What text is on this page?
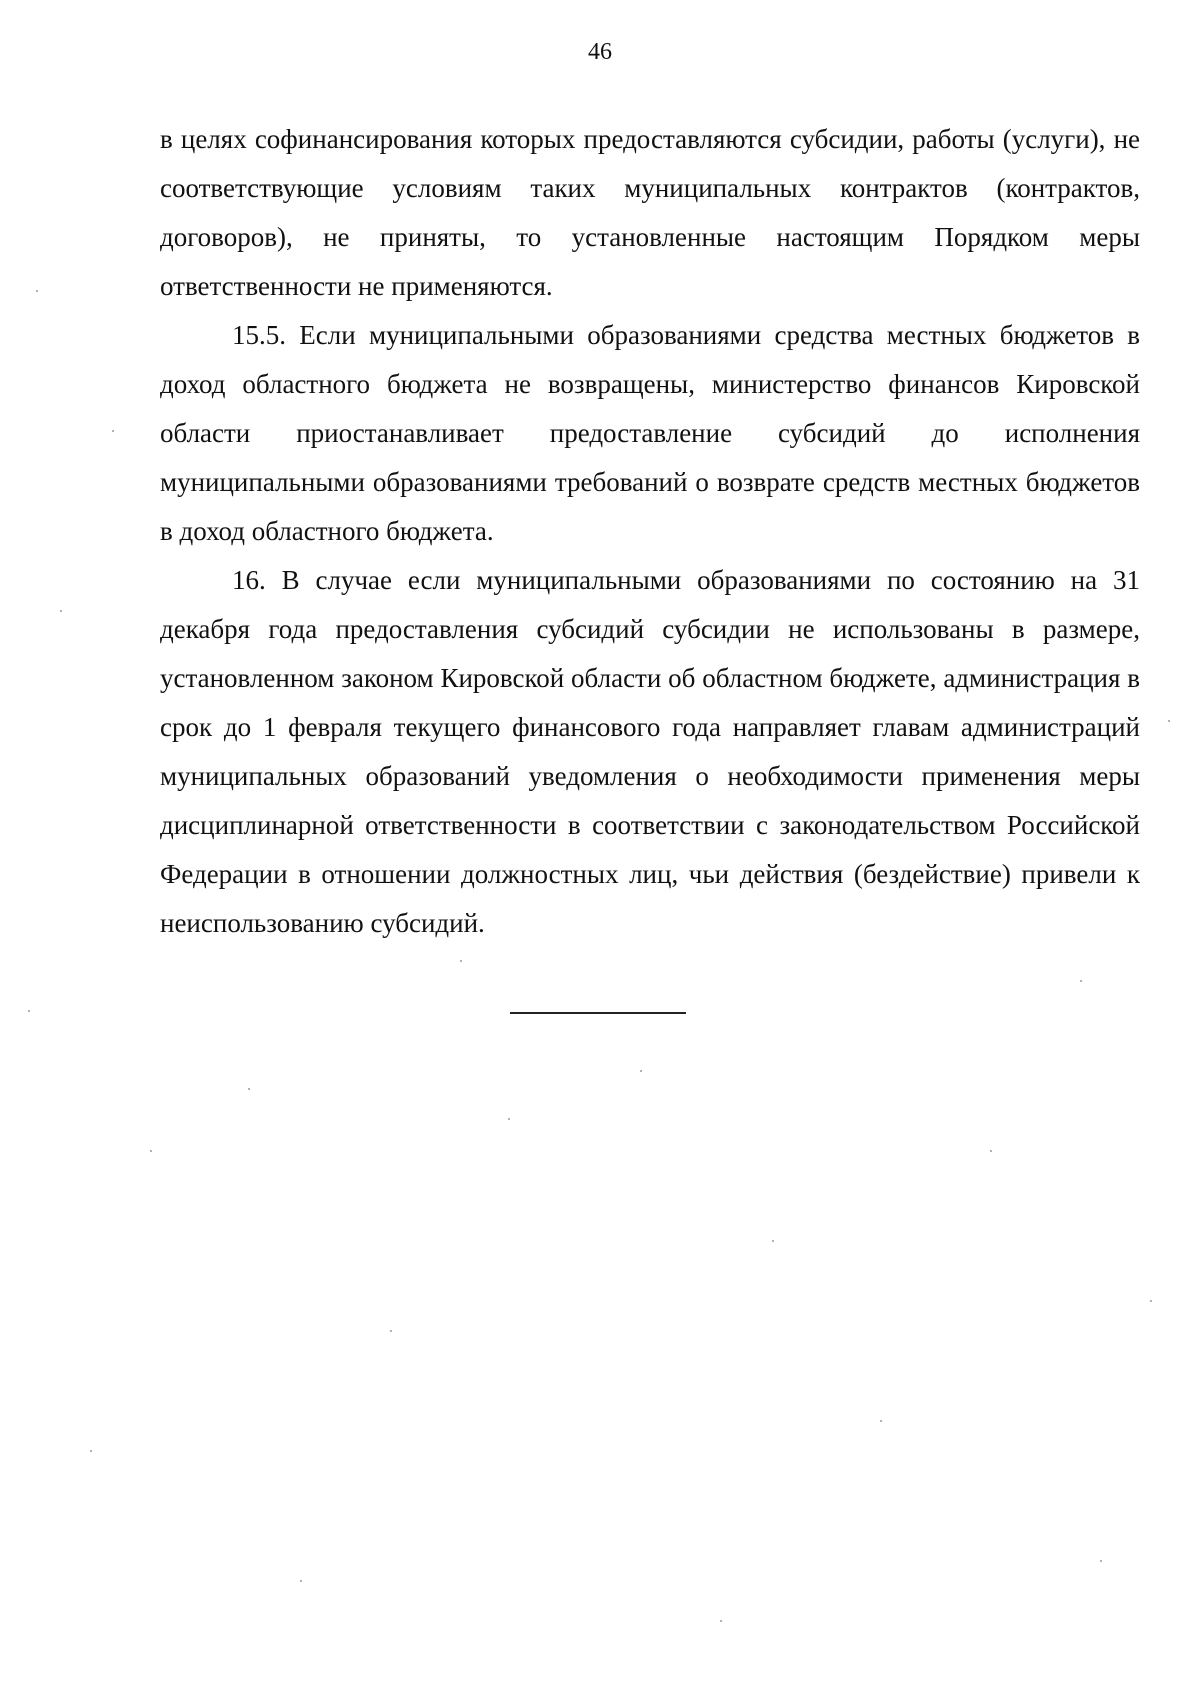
46

в целях софинансирования которых предоставляются субсидии, работы (услуги), не соответствующие условиям таких муниципальных контрактов (контрактов, договоров), не приняты, то установленные настоящим Порядком меры ответственности не применяются.

15.5. Если муниципальными образованиями средства местных бюджетов в доход областного бюджета не возвращены, министерство финансов Кировской области приостанавливает предоставление субсидий до исполнения муниципальными образованиями требований о возврате средств местных бюджетов в доход областного бюджета.

16. В случае если муниципальными образованиями по состоянию на 31 декабря года предоставления субсидий субсидии не использованы в размере, установленном законом Кировской области об областном бюджете, администрация в срок до 1 февраля текущего финансового года направляет главам администраций муниципальных образований уведомления о необходимости применения меры дисциплинарной ответственности в соответствии с законодательством Российской Федерации в отношении должностных лиц, чьи действия (бездействие) привели к неиспользованию субсидий.
